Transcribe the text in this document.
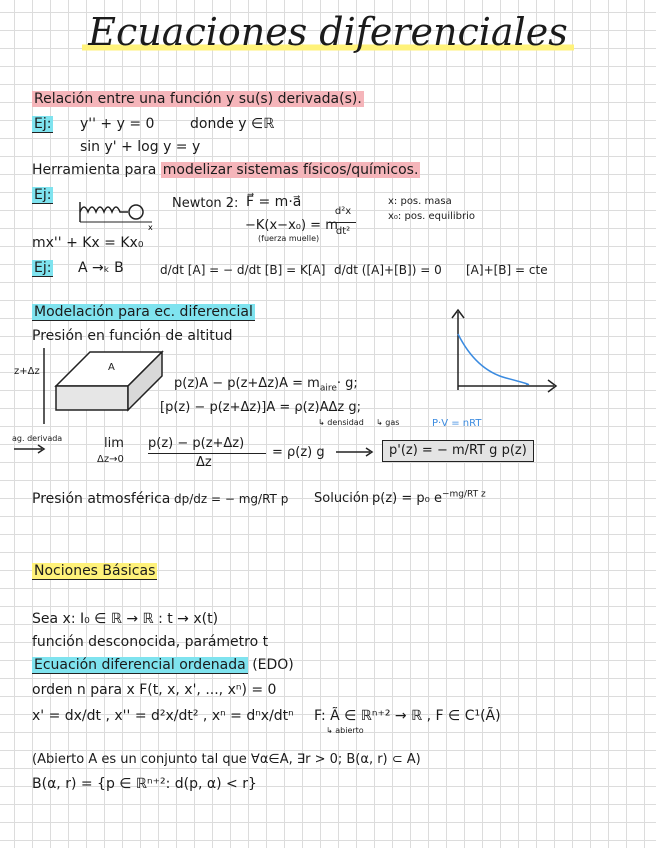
Ecuaciones diferenciales
Relación entre una función y su(s) derivada(s).
Ej: y'' + y = 0	donde y ∈ℝ
sin y' + log y = y
Herramienta para modelizar sistemas físicos/químicos.
Ej:
x
Newton 2: F⃗ = m·a⃗
−K(x−x₀) = m
d²x
dt²
(fuerza muelle)
x: pos. masa
x₀: pos. equilibrio
mx'' + Kx = Kx₀
Ej: A →ₖ B	d/dt [A] = − d/dt [B] = K[A] d/dt ([A]+[B]) = 0 [A]+[B] = cte
Modelación para ec. diferencial
Presión en función de altitud
z+Δz	A
$p(z)A - p(z+\Delta z)A = m_{aire}\cdot g$;
[p(z) − p(z+Δz)]A = ρ(z)AΔz g;
↳ densidad ↳ gas	P·V = nRT
ag. derivada	lim
Δz→0
p(z) − p(z+Δz)
Δz
= ρ(z) g	p'(z) = − m/RT g p(z)
Presión atmosférica dp/dz = − mg/RT p Solución p(z) = p₀ $e^{-mg/RT z}$
Nociones Básicas
Sea x: I₀ ∈ ℝ → ℝ : t → x(t)
función desconocida, parámetro t
Ecuación diferencial ordenada (EDO)
orden n para x F(t, x, x', ..., xⁿ) = 0
x' = dx/dt , x'' = d²x/dt² , xⁿ = dⁿx/dtⁿ F: Ã ∈ ℝⁿ⁺² → ℝ , F ∈ C¹(Ã)
↳ abierto
(Abierto A es un conjunto tal que ∀α∈A, ∃r > 0; B(α, r) ⊂ A)
B(α, r) = {p ∈ ℝⁿ⁺²: d(p, α) < r}
